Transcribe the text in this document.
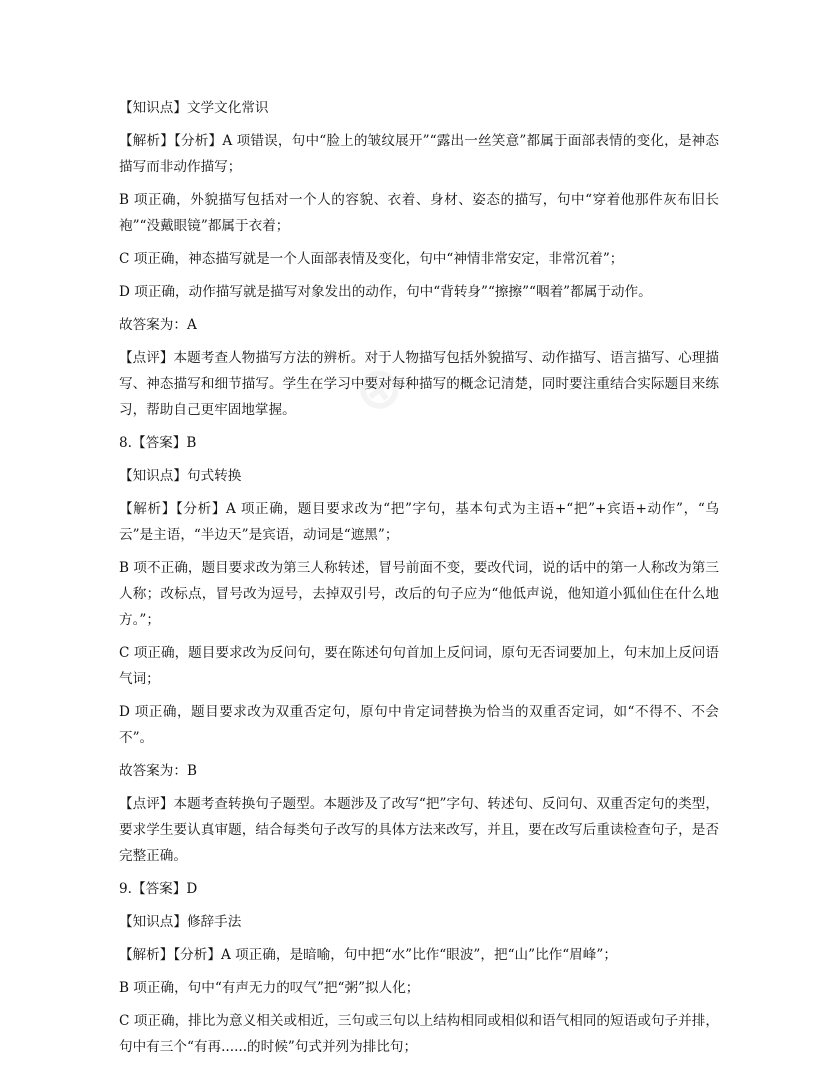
⊕

【知识点】文学文化常识

【解析】【分析】A 项错误，句中“脸上的皱纹展开”“露出一丝笑意”都属于面部表情的变化，是神态描写而非动作描写；

B 项正确，外貌描写包括对一个人的容貌、衣着、身材、姿态的描写，句中“穿着他那件灰布旧长袍”“没戴眼镜”都属于衣着；

C 项正确，神态描写就是一个人面部表情及变化，句中“神情非常安定，非常沉着”；

D 项正确，动作描写就是描写对象发出的动作，句中“背转身”“擦擦”“咽着”都属于动作。

故答案为：A

【点评】本题考查人物描写方法的辨析。对于人物描写包括外貌描写、动作描写、语言描写、心理描写、神态描写和细节描写。学生在学习中要对每种描写的概念记清楚，同时要注重结合实际题目来练习，帮助自己更牢固地掌握。

8.【答案】B

【知识点】句式转换

【解析】【分析】A 项正确，题目要求改为“把”字句，基本句式为主语+“把”+宾语+动作”，“乌云”是主语，“半边天”是宾语，动词是“遮黑”；

B 项不正确，题目要求改为第三人称转述，冒号前面不变，要改代词，说的话中的第一人称改为第三人称；改标点，冒号改为逗号，去掉双引号，改后的句子应为“他低声说，他知道小狐仙住在什么地方。”；

C 项正确，题目要求改为反问句，要在陈述句句首加上反问词，原句无否词要加上，句末加上反问语气词；

D 项正确，题目要求改为双重否定句，原句中肯定词替换为恰当的双重否定词，如“不得不、不会不”。

故答案为：B

【点评】本题考查转换句子题型。本题涉及了改写“把”字句、转述句、反问句、双重否定句的类型，要求学生要认真审题，结合每类句子改写的具体方法来改写，并且，要在改写后重读检查句子，是否完整正确。

9.【答案】D

【知识点】修辞手法

【解析】【分析】A 项正确，是暗喻，句中把“水”比作“眼波”，把“山”比作“眉峰”；

B 项正确，句中“有声无力的叹气”把“粥”拟人化；

C 项正确，排比为意义相关或相近，三句或三句以上结构相同或相似和语气相同的短语或句子并排，句中有三个“有再......的时候”句式并列为排比句；
